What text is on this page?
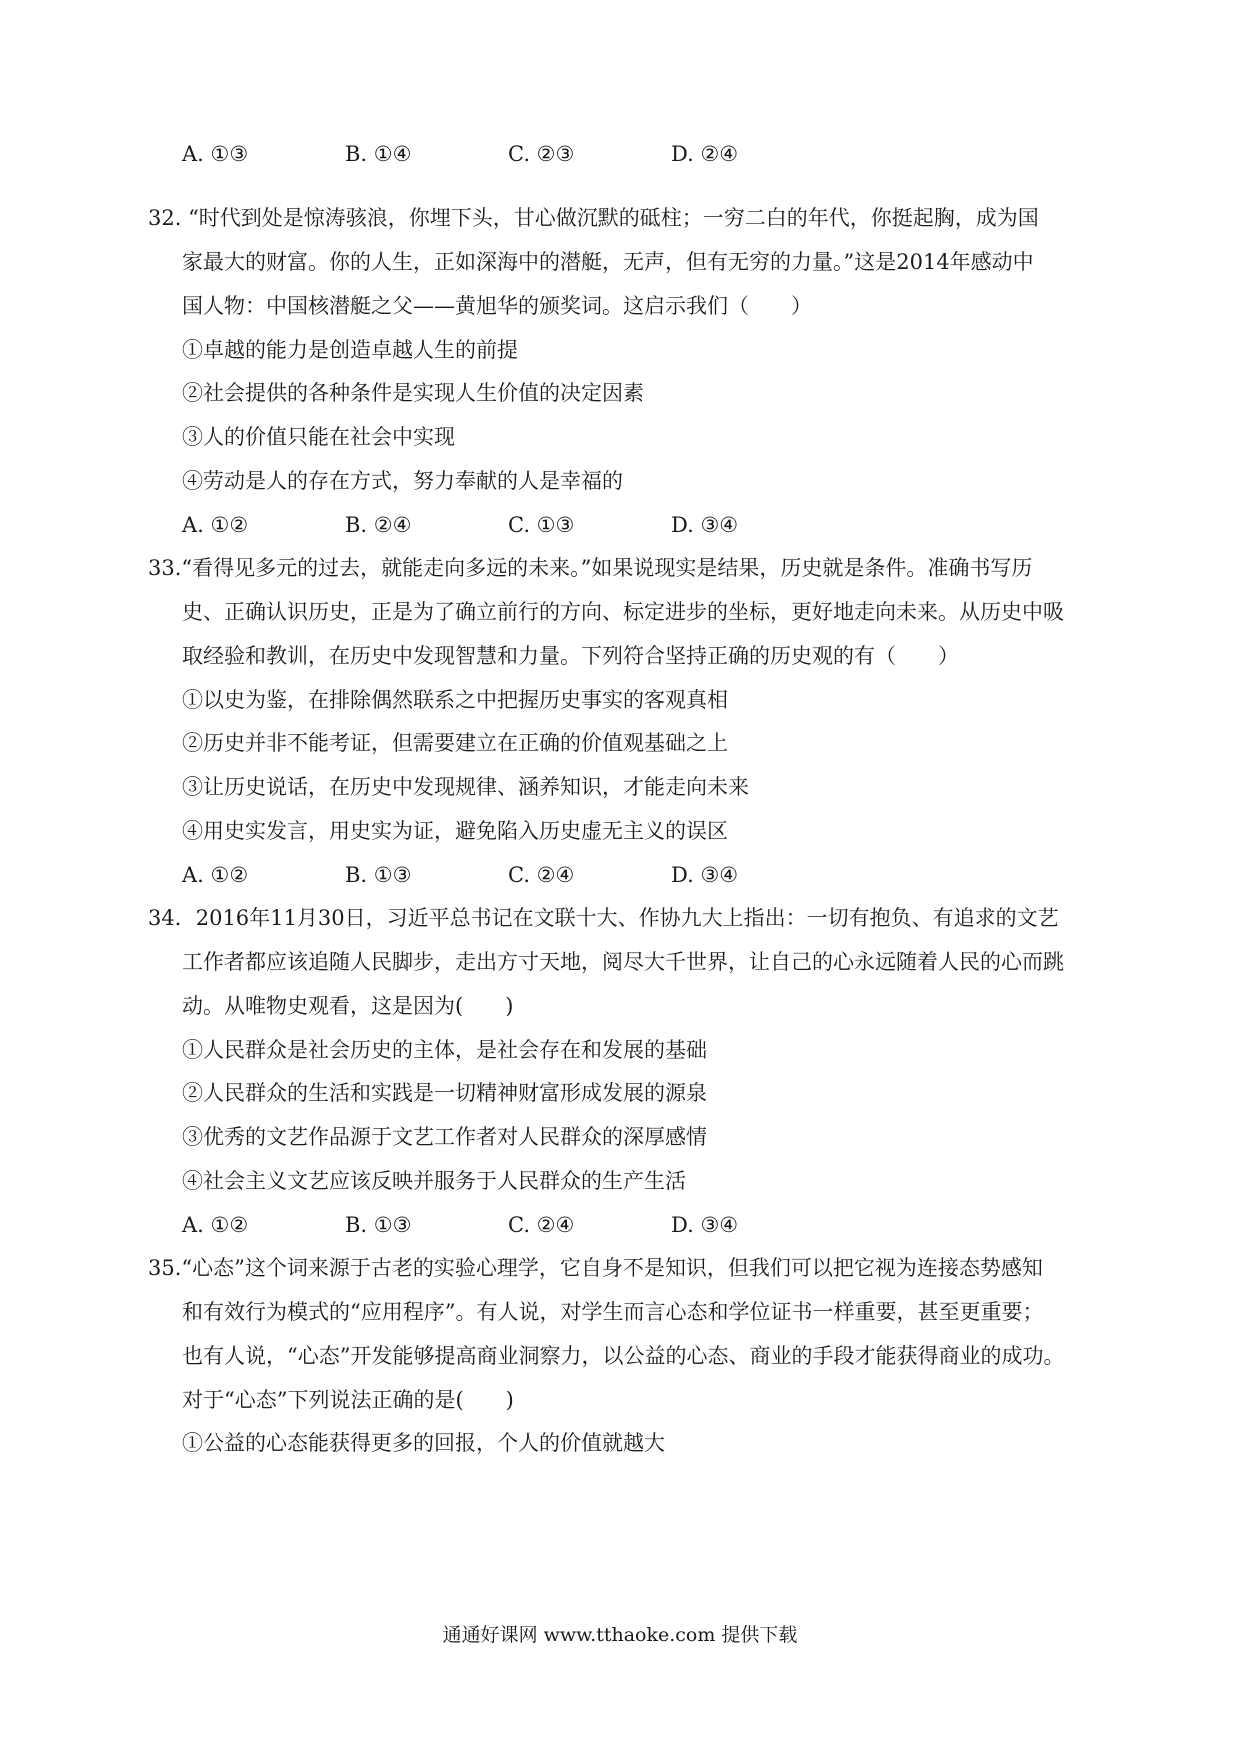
A. ①③	B. ①④	C. ②③	D. ②④
32. “时代到处是惊涛骇浪，你埋下头，甘心做沉默的砥柱；一穷二白的年代，你挺起胸，成为国
家最大的财富。你的人生，正如深海中的潜艇，无声，但有无穷的力量。”这是2014年感动中
国人物：中国核潜艇之父——黄旭华的颁奖词。这启示我们（　　）
①卓越的能力是创造卓越人生的前提
②社会提供的各种条件是实现人生价值的决定因素
③人的价值只能在社会中实现
④劳动是人的存在方式，努力奉献的人是幸福的
A. ①②	B. ②④	C. ①③	D. ③④
33.“看得见多元的过去，就能走向多远的未来。”如果说现实是结果，历史就是条件。准确书写历
史、正确认识历史，正是为了确立前行的方向、标定进步的坐标，更好地走向未来。从历史中吸
取经验和教训，在历史中发现智慧和力量。下列符合坚持正确的历史观的有（　　）
①以史为鉴，在排除偶然联系之中把握历史事实的客观真相
②历史并非不能考证，但需要建立在正确的价值观基础之上
③让历史说话，在历史中发现规律、涵养知识，才能走向未来
④用史实发言，用史实为证，避免陷入历史虚无主义的误区
A. ①②	B. ①③	C. ②④	D. ③④
34．2016年11月30日，习近平总书记在文联十大、作协九大上指出：一切有抱负、有追求的文艺
工作者都应该追随人民脚步，走出方寸天地，阅尽大千世界，让自己的心永远随着人民的心而跳
动。从唯物史观看，这是因为(　　)
①人民群众是社会历史的主体，是社会存在和发展的基础
②人民群众的生活和实践是一切精神财富形成发展的源泉
③优秀的文艺作品源于文艺工作者对人民群众的深厚感情
④社会主义文艺应该反映并服务于人民群众的生产生活
A. ①②	B. ①③	C. ②④	D. ③④
35.“心态”这个词来源于古老的实验心理学，它自身不是知识，但我们可以把它视为连接态势感知
和有效行为模式的“应用程序”。有人说，对学生而言心态和学位证书一样重要，甚至更重要；
也有人说，“心态”开发能够提高商业洞察力，以公益的心态、商业的手段才能获得商业的成功。
对于“心态”下列说法正确的是(　　)
①公益的心态能获得更多的回报，个人的价值就越大
通通好课网 www.tthaoke.com 提供下载
